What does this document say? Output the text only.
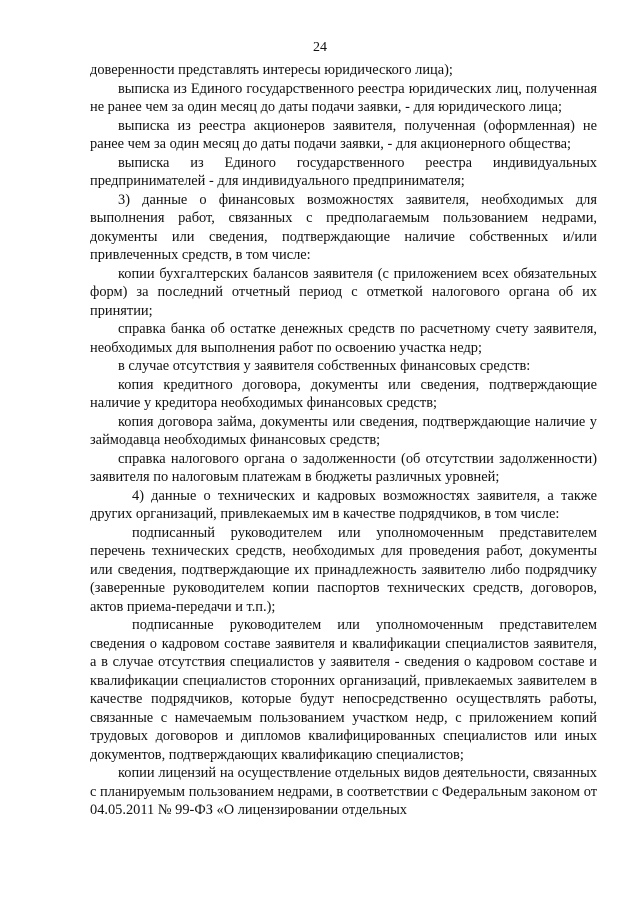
24

доверенности представлять интересы юридического лица);

выписка из Единого государственного реестра юридических лиц, полученная не ранее чем за один месяц до даты подачи заявки, - для юридического лица;

выписка из реестра акционеров заявителя, полученная (оформленная) не ранее чем за один месяц до даты подачи заявки, - для акционерного общества;

выписка из Единого государственного реестра индивидуальных предпринимателей - для индивидуального предпринимателя;

3) данные о финансовых возможностях заявителя, необходимых для выполнения работ, связанных с предполагаемым пользованием недрами, документы или сведения, подтверждающие наличие собственных и/или привлеченных средств, в том числе:

копии бухгалтерских балансов заявителя (с приложением всех обязательных форм) за последний отчетный период с отметкой налогового органа об их принятии;

справка банка об остатке денежных средств по расчетному счету заявителя, необходимых для выполнения работ по освоению участка недр;

в случае отсутствия у заявителя собственных финансовых средств:

копия кредитного договора, документы или сведения, подтверждающие наличие у кредитора необходимых финансовых средств;

копия договора займа, документы или сведения, подтверждающие наличие у займодавца необходимых финансовых средств;

справка налогового органа о задолженности (об отсутствии задолженности) заявителя по налоговым платежам в бюджеты различных уровней;

4) данные о технических и кадровых возможностях заявителя, а также других организаций, привлекаемых им в качестве подрядчиков, в том числе:

подписанный руководителем или уполномоченным представителем перечень технических средств, необходимых для проведения работ, документы или сведения, подтверждающие их принадлежность заявителю либо подрядчику (заверенные руководителем копии паспортов технических средств, договоров, актов приема-передачи и т.п.);

подписанные руководителем или уполномоченным представителем сведения о кадровом составе заявителя и квалификации специалистов заявителя, а в случае отсутствия специалистов у заявителя - сведения о кадровом составе и квалификации специалистов сторонних организаций, привлекаемых заявителем в качестве подрядчиков, которые будут непосредственно осуществлять работы, связанные с намечаемым пользованием участком недр, с приложением копий трудовых договоров и дипломов квалифицированных специалистов или иных документов, подтверждающих квалификацию специалистов;

копии лицензий на осуществление отдельных видов деятельности, связанных с планируемым пользованием недрами, в соответствии с Федеральным законом от 04.05.2011 № 99-ФЗ «О лицензировании отдельных
